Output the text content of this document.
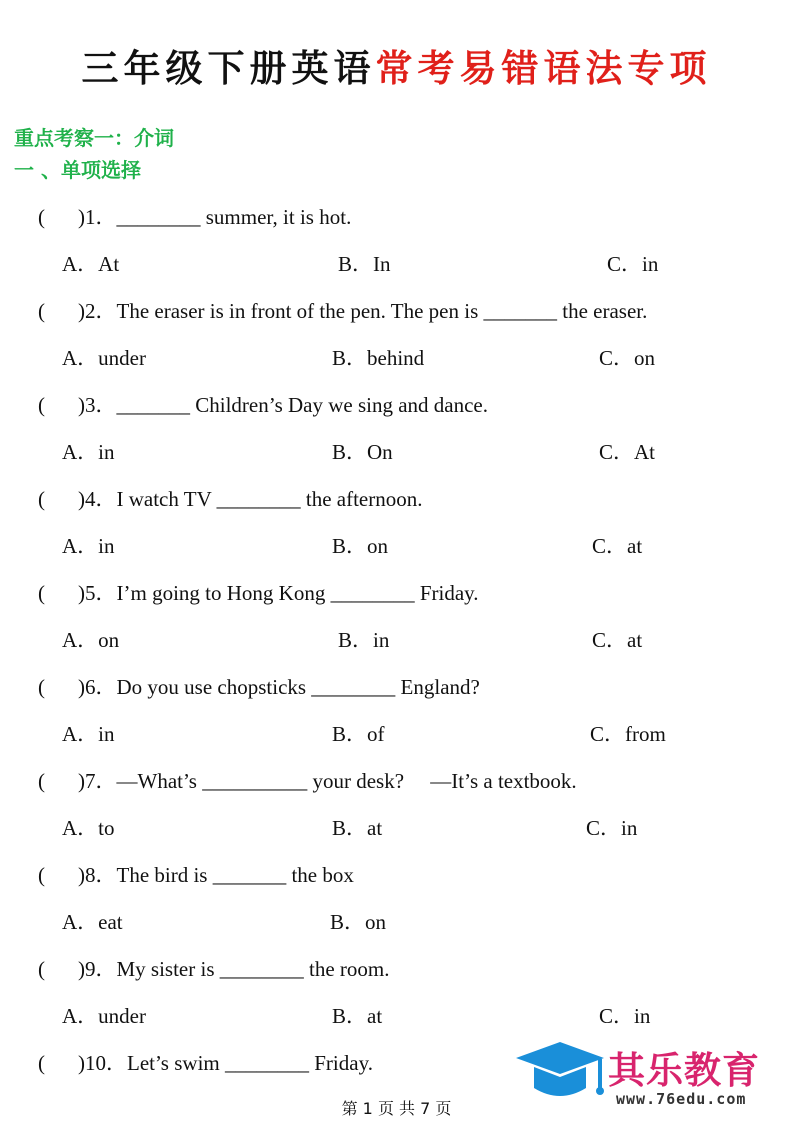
三年级下册英语常考易错语法专项
重点考察一：介词
一 、单项选择
( )1．________ summer, it is hot.
A．At	B．In	C．in
( )2．The eraser is in front of the pen. The pen is _______ the eraser.
A．under	B．behind	C．on
( )3．_______ Children’s Day we sing and dance.
A．in	B．On	C．At
( )4．I watch TV ________ the afternoon.
A．in	B．on	C．at
( )5．I’m going to Hong Kong ________ Friday.
A．on	B．in	C．at
( )6．Do you use chopsticks ________ England?
A．in	B．of	C．from
( )7．—What’s __________ your desk?　 —It’s a textbook.
A．to	B．at	C．in
( )8．The bird is _______ the box
A．eat	B．on
( )9．My sister is ________ the room.
A．under	B．at	C．in
( )10．Let’s swim ________ Friday.
第 1 页 共 7 页
其乐教育
www.76edu.com
